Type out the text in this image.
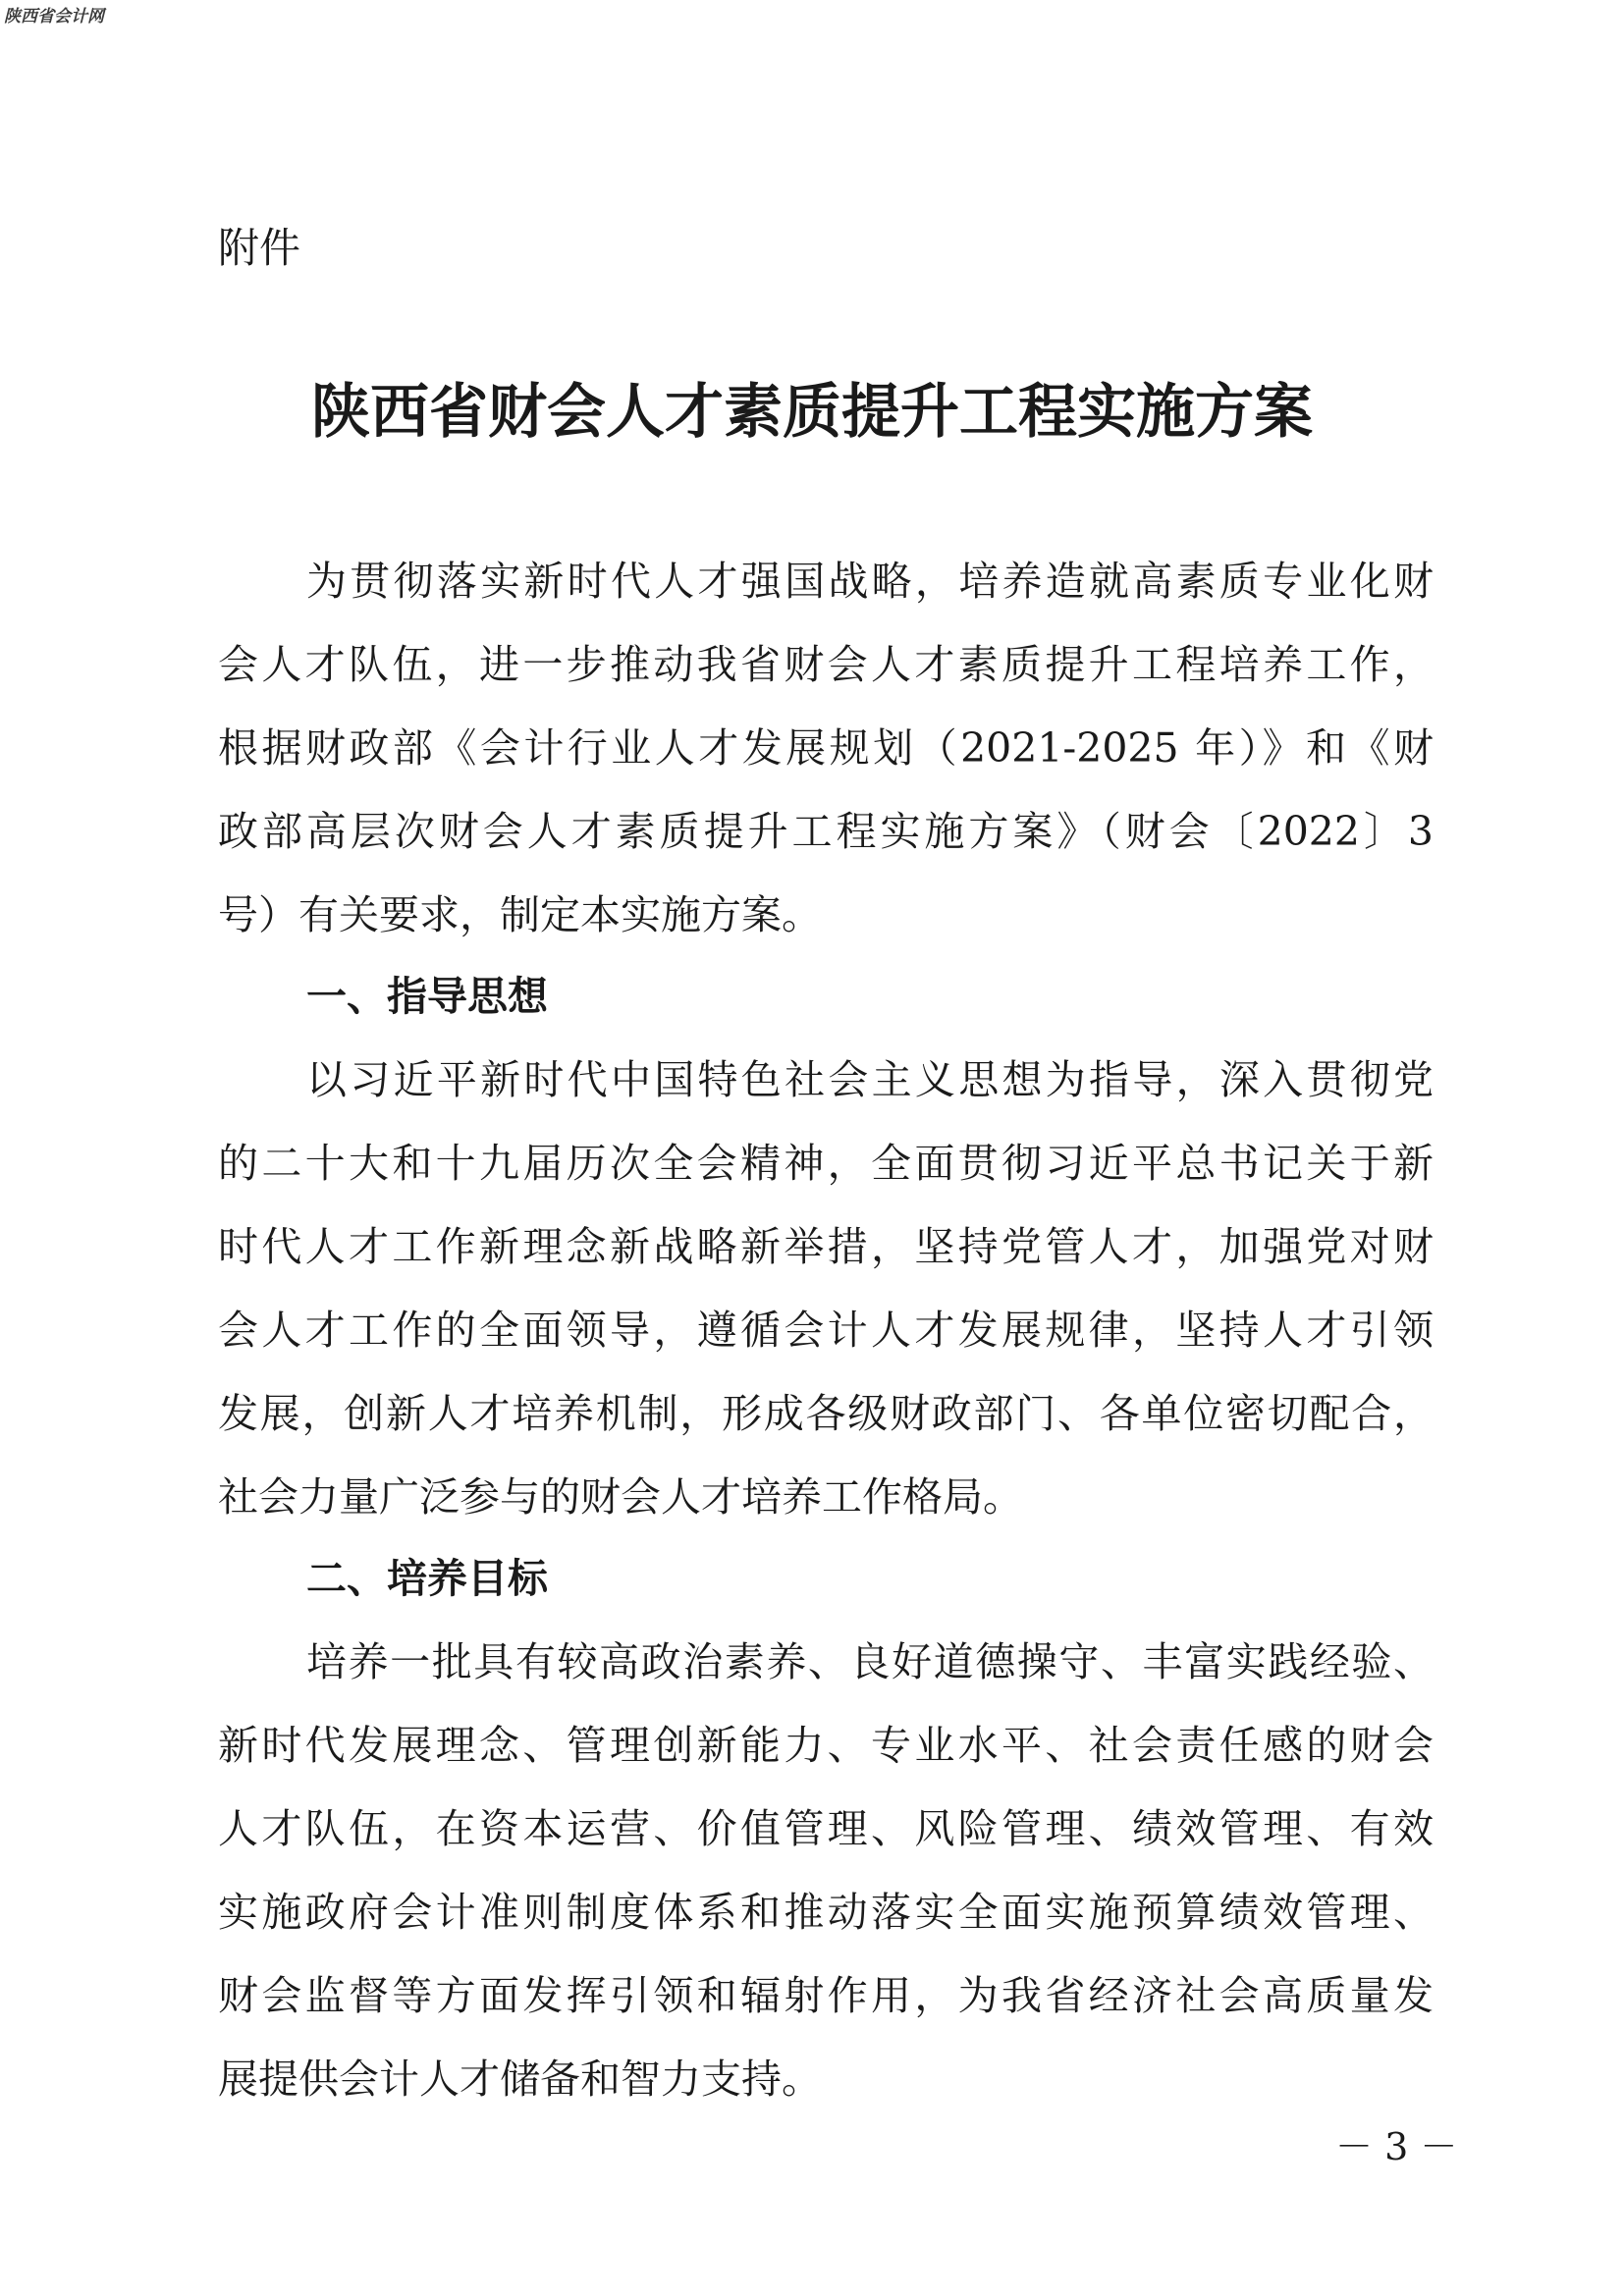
陕西省会计网
附件
陕西省财会人才素质提升工程实施方案
为贯彻落实新时代人才强国战略，培养造就高素质专业化财
会人才队伍，进一步推动我省财会人才素质提升工程培养工作，
根据财政部《会计行业人才发展规划（2021-2025 年）》和《财
政部高层次财会人才素质提升工程实施方案》（财会〔2022〕3
号）有关要求，制定本实施方案。
一、指导思想
以习近平新时代中国特色社会主义思想为指导，深入贯彻党
的二十大和十九届历次全会精神，全面贯彻习近平总书记关于新
时代人才工作新理念新战略新举措，坚持党管人才，加强党对财
会人才工作的全面领导，遵循会计人才发展规律，坚持人才引领
发展，创新人才培养机制，形成各级财政部门、各单位密切配合，
社会力量广泛参与的财会人才培养工作格局。
二、培养目标
培养一批具有较高政治素养、良好道德操守、丰富实践经验、
新时代发展理念、管理创新能力、专业水平、社会责任感的财会
人才队伍，在资本运营、价值管理、风险管理、绩效管理、有效
实施政府会计准则制度体系和推动落实全面实施预算绩效管理、
财会监督等方面发挥引领和辐射作用，为我省经济社会高质量发
展提供会计人才储备和智力支持。
－ 3 －
